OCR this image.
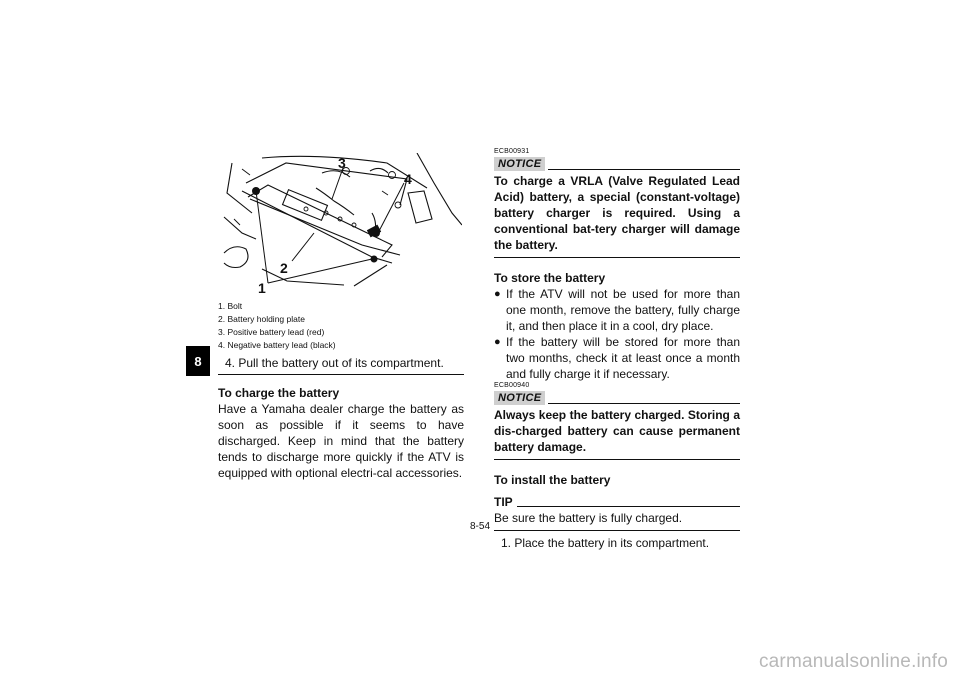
8
1
2
3
4
1. Bolt
2. Battery holding plate
3. Positive battery lead (red)
4. Negative battery lead (black)
4. Pull the battery out of its compartment.
To charge the battery
Have a Yamaha dealer charge the battery as soon as possible if it seems to have discharged. Keep in mind that the battery tends to discharge more quickly if the ATV is equipped with optional electri-cal accessories.
ECB00931
NOTICE
To charge a VRLA (Valve Regulated Lead Acid) battery, a special (constant-voltage) battery charger is required. Using a conventional bat-tery charger will damage the battery.
To store the battery
● If the ATV will not be used for more than one month, remove the battery, fully charge it, and then place it in a cool, dry place.
● If the battery will be stored for more than two months, check it at least once a month and fully charge it if necessary.
ECB00940
NOTICE
Always keep the battery charged. Storing a dis-charged battery can cause permanent battery damage.
To install the battery
TIP
Be sure the battery is fully charged.
1. Place the battery in its compartment.
8-54
carmanualsonline.info
